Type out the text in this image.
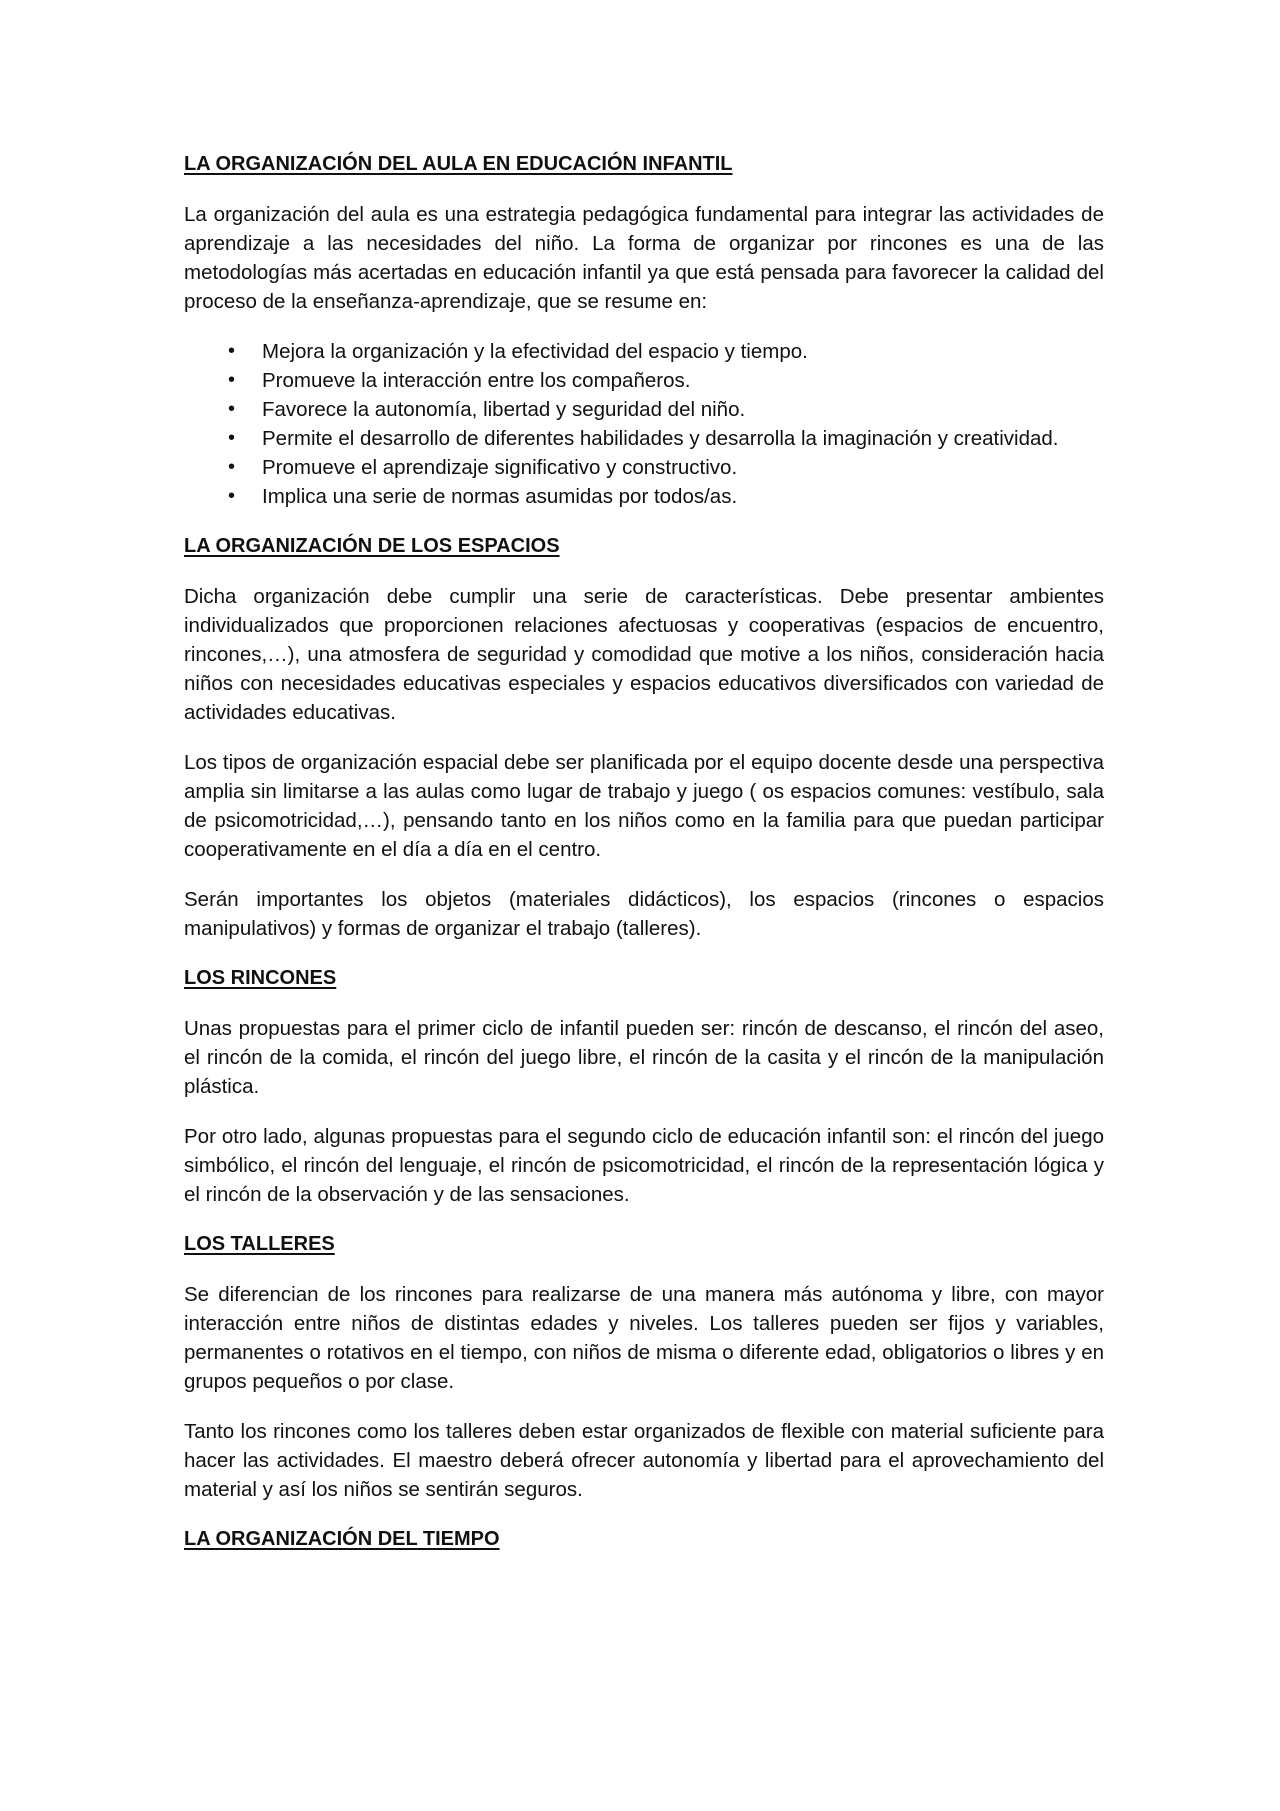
LA ORGANIZACIÓN DEL AULA EN EDUCACIÓN INFANTIL
La organización del aula es una estrategia pedagógica fundamental para integrar las actividades de aprendizaje a las necesidades del niño. La forma de organizar por rincones es una de las metodologías más acertadas en educación infantil ya que está pensada para favorecer la calidad del proceso de la enseñanza-aprendizaje, que se resume en:
• Mejora la organización y la efectividad del espacio y tiempo.
• Promueve la interacción entre los compañeros.
• Favorece la autonomía, libertad y seguridad del niño.
• Permite el desarrollo de diferentes habilidades y desarrolla la imaginación y creatividad.
• Promueve el aprendizaje significativo y constructivo.
• Implica una serie de normas asumidas por todos/as.
LA ORGANIZACIÓN DE LOS ESPACIOS
Dicha organización debe cumplir una serie de características. Debe presentar ambientes individualizados que proporcionen relaciones afectuosas y cooperativas (espacios de encuentro, rincones,…), una atmosfera de seguridad y comodidad que motive a los niños, consideración hacia niños con necesidades educativas especiales y espacios educativos diversificados con variedad de actividades educativas.
Los tipos de organización espacial debe ser planificada por el equipo docente desde una perspectiva amplia sin limitarse a las aulas como lugar de trabajo y juego ( os espacios comunes: vestíbulo, sala de psicomotricidad,…), pensando tanto en los niños como en la familia para que puedan participar cooperativamente en el día a día en el centro.
Serán importantes los objetos (materiales didácticos), los espacios (rincones o espacios manipulativos) y formas de organizar el trabajo (talleres).
LOS RINCONES
Unas propuestas para el primer ciclo de infantil pueden ser: rincón de descanso, el rincón del aseo, el rincón de la comida, el rincón del juego libre, el rincón de la casita y el rincón de la manipulación plástica.
Por otro lado, algunas propuestas para el segundo ciclo de educación infantil son: el rincón del juego simbólico, el rincón del lenguaje, el rincón de psicomotricidad, el rincón de la representación lógica y el rincón de la observación y de las sensaciones.
LOS TALLERES
Se diferencian de los rincones para realizarse de una manera más autónoma y libre, con mayor interacción entre niños de distintas edades y niveles. Los talleres pueden ser fijos y variables, permanentes o rotativos en el tiempo, con niños de misma o diferente edad, obligatorios o libres y en grupos pequeños o por clase.
Tanto los rincones como los talleres deben estar organizados de flexible con material suficiente para hacer las actividades. El maestro deberá ofrecer autonomía y libertad para el aprovechamiento del material y así los niños se sentirán seguros.
LA ORGANIZACIÓN DEL TIEMPO
